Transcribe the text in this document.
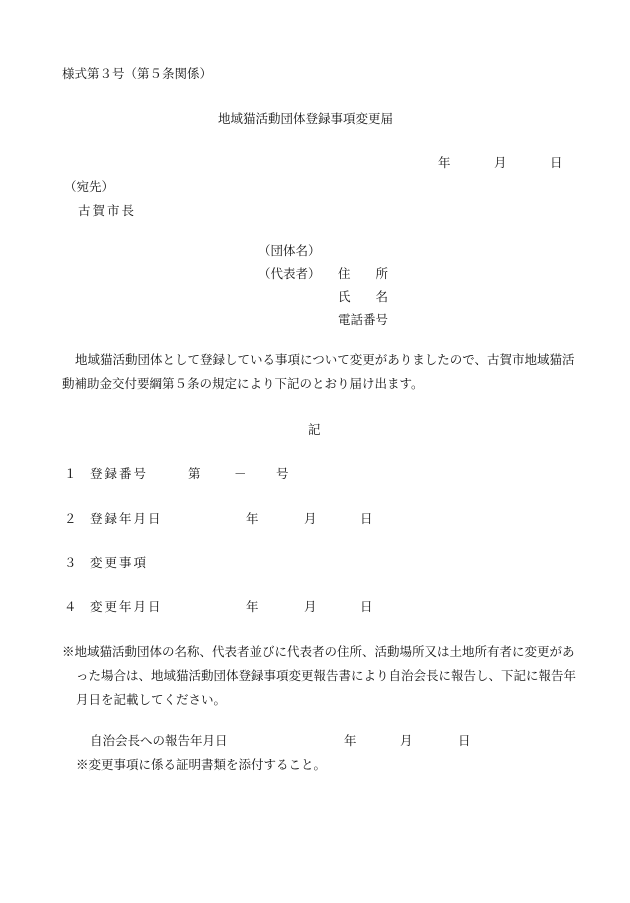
様式第３号（第５条関係）
地域猫活動団体登録事項変更届
年	月	日
（宛先）
古賀市長
（団体名）
（代表者） 住　　所
氏　　名
電話番号
地域猫活動団体として登録している事項について変更がありましたので、古賀市地域猫活動補助金交付要綱第５条の規定により下記のとおり届け出ます。
記
１ 登録番号	第	－ 号
２ 登録年月日	年	月	日
３ 変更事項
４ 変更年月日	年	月	日
※地域猫活動団体の名称、代表者並びに代表者の住所、活動場所又は土地所有者に変更があった場合は、地域猫活動団体登録事項変更報告書により自治会長に報告し、下記に報告年月日を記載してください。
自治会長への報告年月日	年	月	日
※変更事項に係る証明書類を添付すること。
